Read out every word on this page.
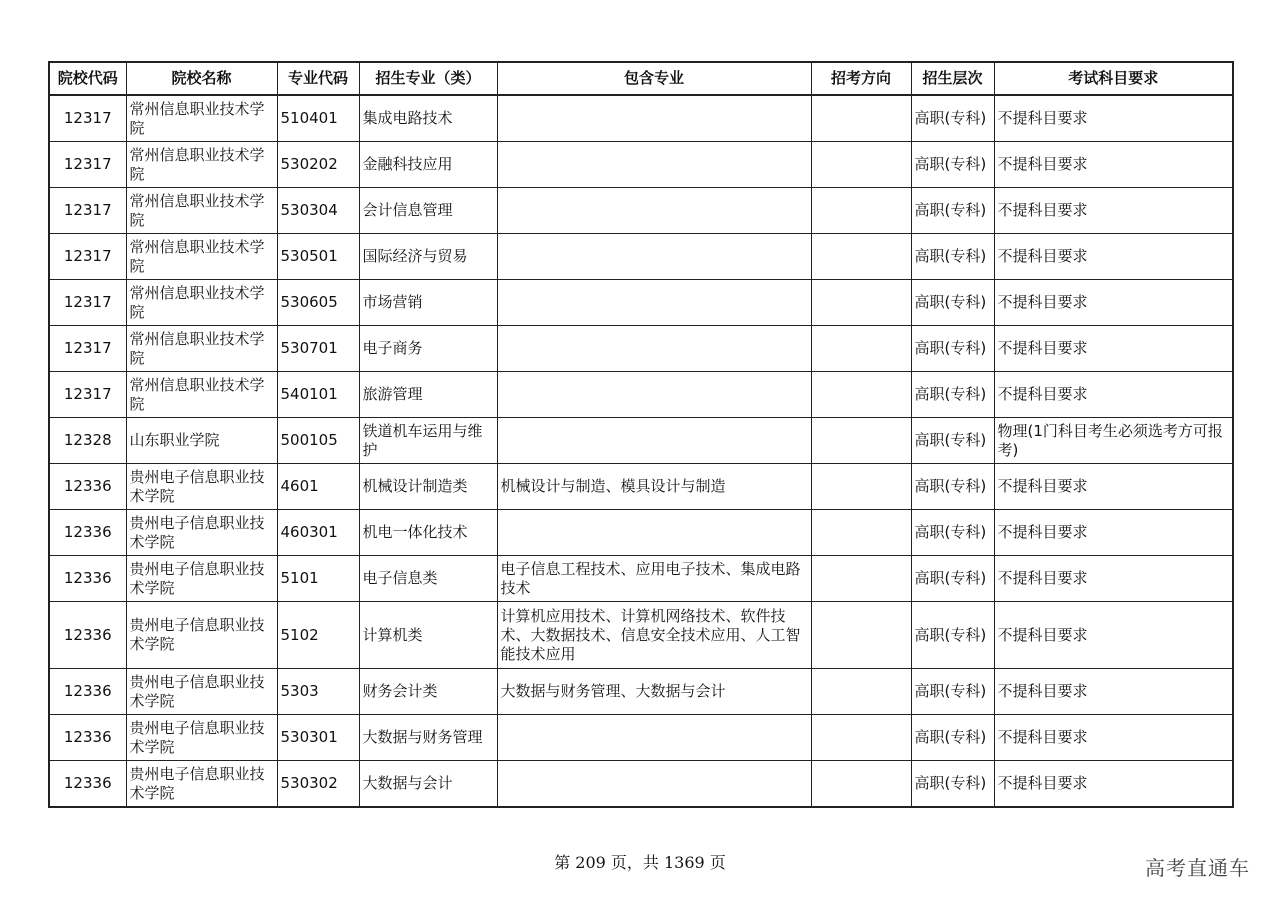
院校代码	院校名称	专业代码	招生专业（类）	包含专业	招考方向	招生层次	考试科目要求
12317	常州信息职业技术学院	510401	集成电路技术			高职(专科)	不提科目要求
12317	常州信息职业技术学院	530202	金融科技应用			高职(专科)	不提科目要求
12317	常州信息职业技术学院	530304	会计信息管理			高职(专科)	不提科目要求
12317	常州信息职业技术学院	530501	国际经济与贸易			高职(专科)	不提科目要求
12317	常州信息职业技术学院	530605	市场营销			高职(专科)	不提科目要求
12317	常州信息职业技术学院	530701	电子商务			高职(专科)	不提科目要求
12317	常州信息职业技术学院	540101	旅游管理			高职(专科)	不提科目要求
12328	山东职业学院	500105	铁道机车运用与维护			高职(专科)	物理(1门科目考生必须选考方可报考)
12336	贵州电子信息职业技术学院	4601	机械设计制造类	机械设计与制造、模具设计与制造		高职(专科)	不提科目要求
12336	贵州电子信息职业技术学院	460301	机电一体化技术			高职(专科)	不提科目要求
12336	贵州电子信息职业技术学院	5101	电子信息类	电子信息工程技术、应用电子技术、集成电路技术		高职(专科)	不提科目要求
12336	贵州电子信息职业技术学院	5102	计算机类	计算机应用技术、计算机网络技术、软件技术、大数据技术、信息安全技术应用、人工智能技术应用		高职(专科)	不提科目要求
12336	贵州电子信息职业技术学院	5303	财务会计类	大数据与财务管理、大数据与会计		高职(专科)	不提科目要求
12336	贵州电子信息职业技术学院	530301	大数据与财务管理			高职(专科)	不提科目要求
12336	贵州电子信息职业技术学院	530302	大数据与会计			高职(专科)	不提科目要求
第 209 页，共 1369 页	高考直通车
